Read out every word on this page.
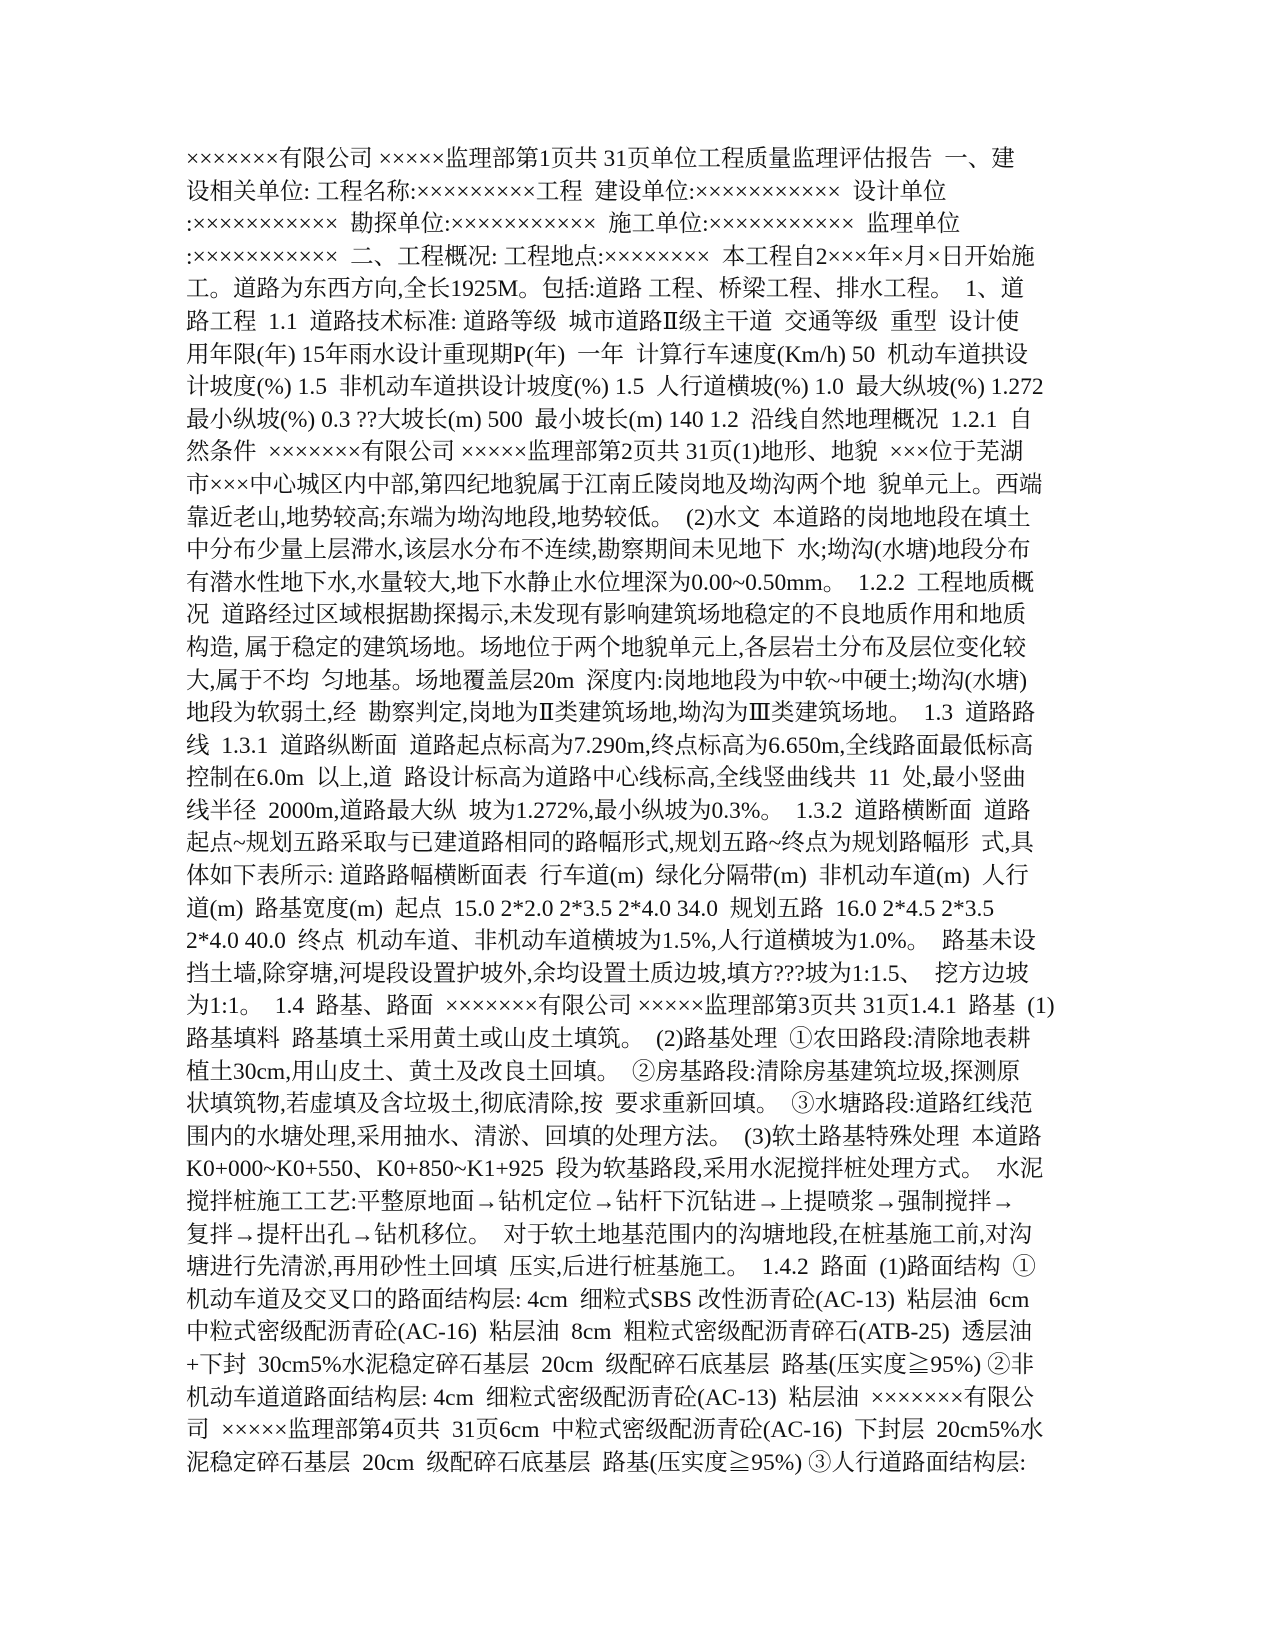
×××××××有限公司 ×××××监理部第1页共 31页单位工程质量监理评估报告  一、建
设相关单位: 工程名称:×××××××××工程  建设单位:×××××××××××  设计单位
:×××××××××××  勘探单位:×××××××××××  施工单位:×××××××××××  监理单位
:×××××××××××  二、工程概况: 工程地点:××××××××  本工程自2×××年×月×日开始施
工。道路为东西方向,全长1925M。包括:道路 工程、桥梁工程、排水工程。  1、道
路工程  1.1  道路技术标准: 道路等级  城市道路Ⅱ级主干道  交通等级  重型  设计使
用年限(年) 15年雨水设计重现期P(年)  一年  计算行车速度(Km/h) 50  机动车道拱设
计坡度(%) 1.5  非机动车道拱设计坡度(%) 1.5  人行道横坡(%) 1.0  最大纵坡(%) 1.272
最小纵坡(%) 0.3 ??大坡长(m) 500  最小坡长(m) 140 1.2  沿线自然地理概况  1.2.1  自
然条件  ×××××××有限公司 ×××××监理部第2页共 31页(1)地形、地貌  ×××位于芜湖
市×××中心城区内中部,第四纪地貌属于江南丘陵岗地及坳沟两个地  貌单元上。西端
靠近老山,地势较高;东端为坳沟地段,地势较低。  (2)水文  本道路的岗地地段在填土
中分布少量上层滞水,该层水分布不连续,勘察期间未见地下  水;坳沟(水塘)地段分布
有潜水性地下水,水量较大,地下水静止水位埋深为0.00~0.50mm。  1.2.2  工程地质概
况  道路经过区域根据勘探揭示,未发现有影响建筑场地稳定的不良地质作用和地质
构造, 属于稳定的建筑场地。场地位于两个地貌单元上,各层岩土分布及层位变化较
大,属于不均  匀地基。场地覆盖层20m  深度内:岗地地段为中软~中硬土;坳沟(水塘)
地段为软弱土,经  勘察判定,岗地为Ⅱ类建筑场地,坳沟为Ⅲ类建筑场地。  1.3  道路路
线  1.3.1  道路纵断面  道路起点标高为7.290m,终点标高为6.650m,全线路面最低标高
控制在6.0m  以上,道  路设计标高为道路中心线标高,全线竖曲线共  11  处,最小竖曲
线半径  2000m,道路最大纵  坡为1.272%,最小纵坡为0.3%。  1.3.2  道路横断面  道路
起点~规划五路采取与已建道路相同的路幅形式,规划五路~终点为规划路幅形  式,具
体如下表所示: 道路路幅横断面表  行车道(m)  绿化分隔带(m)  非机动车道(m)  人行
道(m)  路基宽度(m)  起点  15.0 2*2.0 2*3.5 2*4.0 34.0  规划五路  16.0 2*4.5 2*3.5
2*4.0 40.0  终点  机动车道、非机动车道横坡为1.5%,人行道横坡为1.0%。  路基未设
挡土墙,除穿塘,河堤段设置护坡外,余均设置土质边坡,填方???坡为1:1.5、  挖方边坡
为1:1。  1.4  路基、路面  ×××××××有限公司 ×××××监理部第3页共 31页1.4.1  路基  (1)
路基填料  路基填土采用黄土或山皮土填筑。  (2)路基处理  ①农田路段:清除地表耕
植土30cm,用山皮土、黄土及改良土回填。  ②房基路段:清除房基建筑垃圾,探测原
状填筑物,若虚填及含垃圾土,彻底清除,按  要求重新回填。  ③水塘路段:道路红线范
围内的水塘处理,采用抽水、清淤、回填的处理方法。  (3)软土路基特殊处理  本道路
K0+000~K0+550、K0+850~K1+925  段为软基路段,采用水泥搅拌桩处理方式。  水泥
搅拌桩施工工艺:平整原地面→钻机定位→钻杆下沉钻进→上提喷浆→强制搅拌→
复拌→提杆出孔→钻机移位。  对于软土地基范围内的沟塘地段,在桩基施工前,对沟
塘进行先清淤,再用砂性土回填  压实,后进行桩基施工。  1.4.2  路面  (1)路面结构  ①
机动车道及交叉口的路面结构层: 4cm  细粒式SBS 改性沥青砼(AC-13)  粘层油  6cm
中粒式密级配沥青砼(AC-16)  粘层油  8cm  粗粒式密级配沥青碎石(ATB-25)  透层油
+下封  30cm5%水泥稳定碎石基层  20cm  级配碎石底基层  路基(压实度≧95%) ②非
机动车道道路面结构层: 4cm  细粒式密级配沥青砼(AC-13)  粘层油  ×××××××有限公
司  ×××××监理部第4页共  31页6cm  中粒式密级配沥青砼(AC-16)  下封层  20cm5%水
泥稳定碎石基层  20cm  级配碎石底基层  路基(压实度≧95%) ③人行道路面结构层:
